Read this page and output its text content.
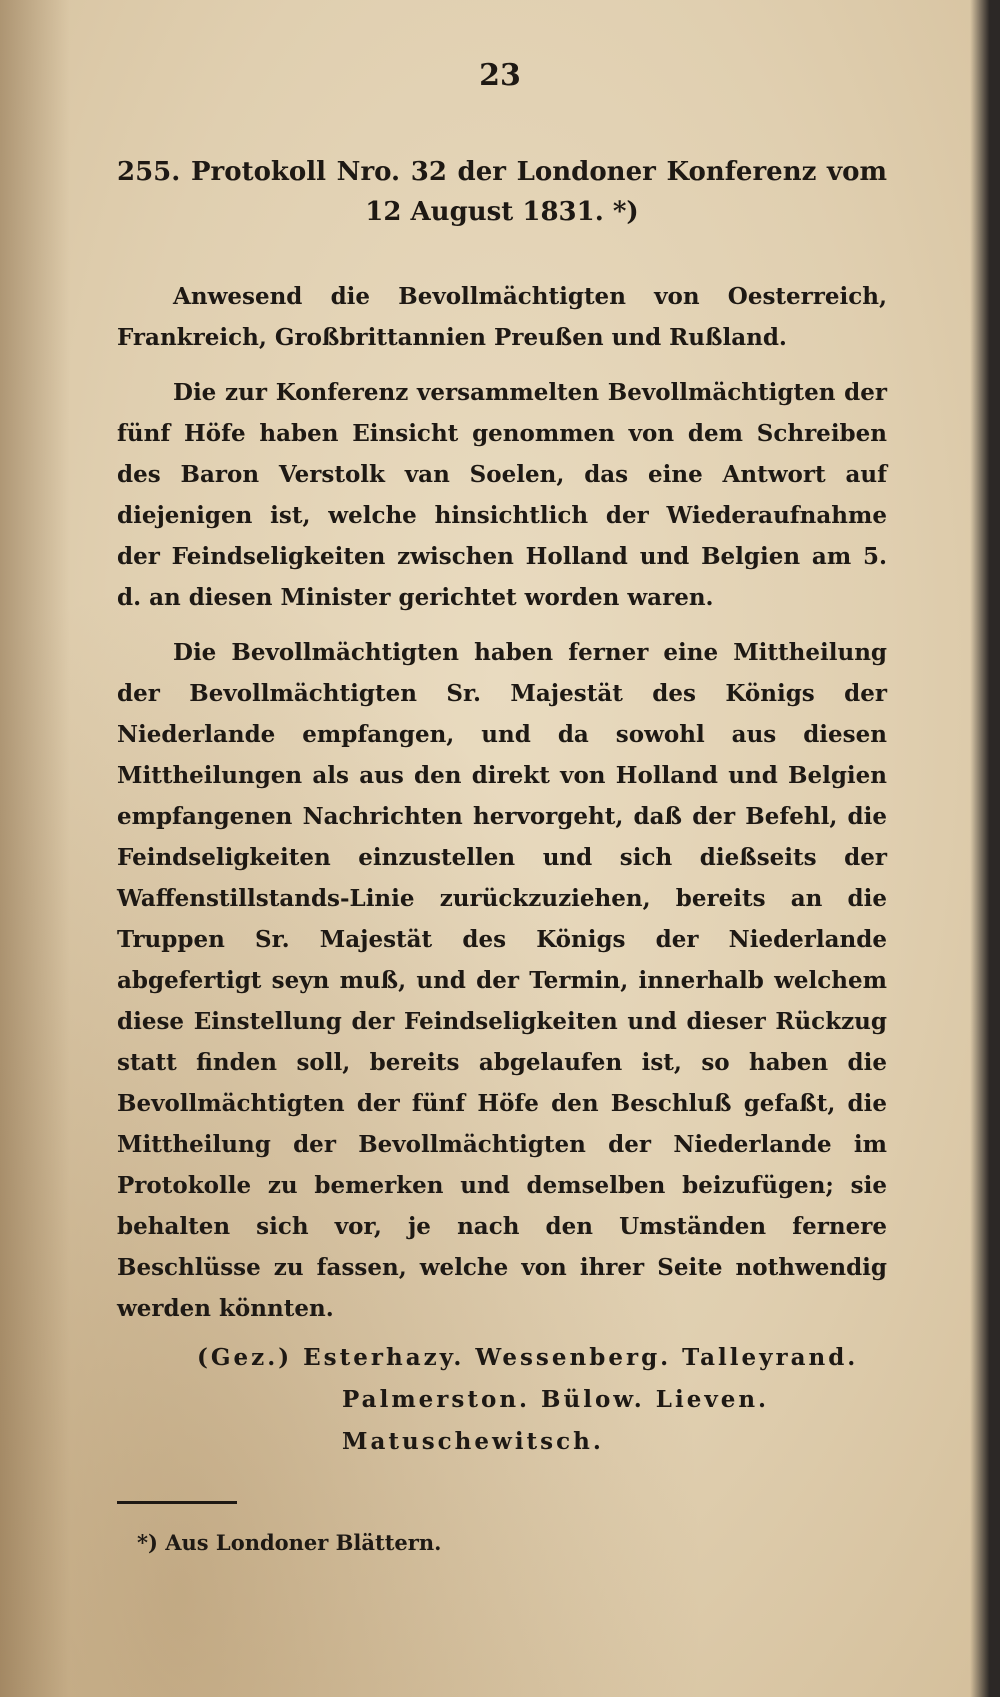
23
255. Protokoll Nro. 32 der Londoner Konferenz vom
12 August 1831. *)

Anwesend die Bevollmächtigten von Oesterreich, Frankreich, Großbrittannien Preußen und Rußland.

Die zur Konferenz versammelten Bevollmächtigten der fünf Höfe haben Einsicht genommen von dem Schreiben des Baron Verstolk van Soelen, das eine Antwort auf diejenigen ist, welche hinsichtlich der Wiederaufnahme der Feindseligkeiten zwischen Holland und Belgien am 5. d. an diesen Minister gerichtet worden waren.

Die Bevollmächtigten haben ferner eine Mittheilung der Bevollmächtigten Sr. Majestät des Königs der Niederlande empfangen, und da sowohl aus diesen Mittheilungen als aus den direkt von Holland und Belgien empfangenen Nachrichten hervorgeht, daß der Befehl, die Feindseligkeiten einzustellen und sich dießseits der Waffenstillstands-Linie zurückzuziehen, bereits an die Truppen Sr. Majestät des Königs der Niederlande abgefertigt seyn muß, und der Termin, innerhalb welchem diese Einstellung der Feindseligkeiten und dieser Rückzug statt finden soll, bereits abgelaufen ist, so haben die Bevollmächtigten der fünf Höfe den Beschluß gefaßt, die Mittheilung der Bevollmächtigten der Niederlande im Protokolle zu bemerken und demselben beizufügen; sie behalten sich vor, je nach den Umständen fernere Beschlüsse zu fassen, welche von ihrer Seite nothwendig werden könnten.

(Gez.) Esterhazy. Wessenberg. Talleyrand.
Palmerston. Bülow. Lieven.
Matuschewitsch.
*) Aus Londoner Blättern.
